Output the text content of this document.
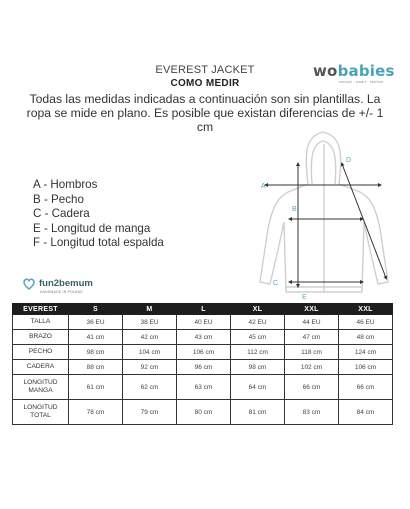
EVEREST JACKET
COMO MEDIR
wobabies
natural · smart · fashion
Todas las medidas indicadas a continuación son sin plantillas. La ropa se mide en plano. Es posible que existan diferencias de +/- 1 cm
A - Hombros
B - Pecho
C - Cadera
E - Longitud de manga
F - Longitud total espalda
A
B
C
D
E
fun2bemum
HANDMADE IN POLAND
EVEREST	S	M	L	XL	XXL	XXL
TALLA	36 EU	38 EU	40 EU	42 EU	44 EU	46 EU
BRAZO	41 cm	42 cm	43 cm	45 cm	47 cm	48 cm
PECHO	98 cm	104 cm	106 cm	112 cm	118 cm	124 cm
CADERA	88 cm	92 cm	96 cm	98 cm	102 cm	106 cm
LONGITUD MANGA	61 cm	62 cm	63 cm	64 cm	66 cm	66 cm
LONGITUD TOTAL	78 cm	79 cm	80 cm	81 cm	83 cm	84 cm
